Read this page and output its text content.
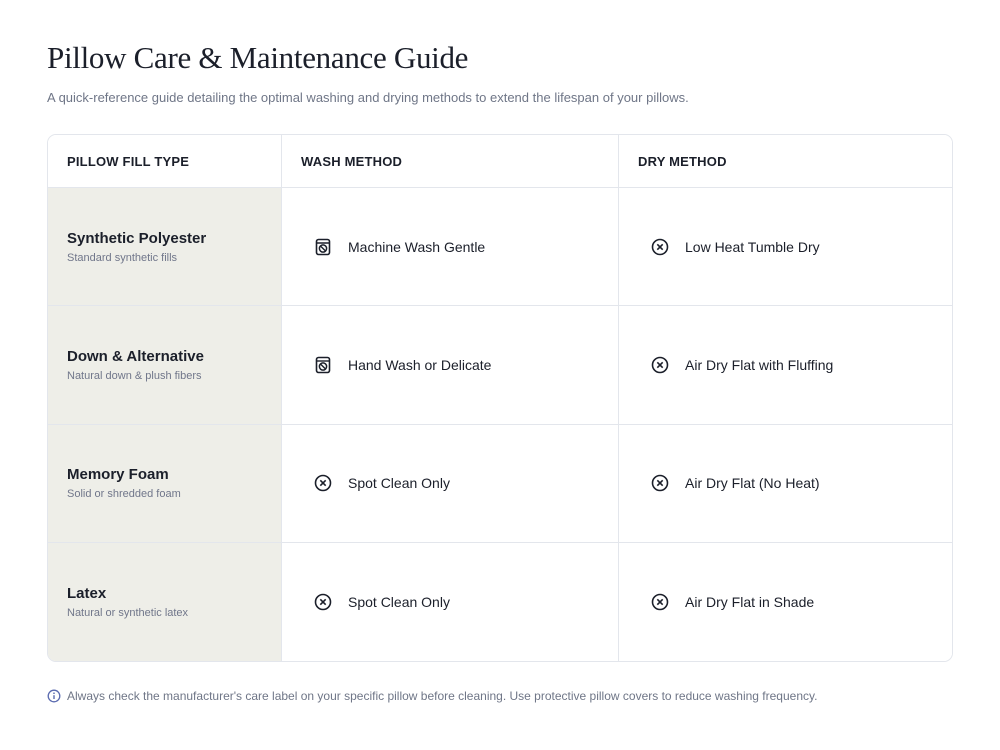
Pillow Care & Maintenance Guide

A quick-reference guide detailing the optimal washing and drying methods to extend the lifespan of your pillows.

PILLOW FILL TYPE	WASH METHOD	DRY METHOD
Synthetic Polyester
Standard synthetic fills
Machine Wash Gentle	Low Heat Tumble Dry
Down & Alternative
Natural down & plush fibers
Hand Wash or Delicate	Air Dry Flat with Fluffing
Memory Foam
Solid or shredded foam
Spot Clean Only	Air Dry Flat (No Heat)
Latex
Natural or synthetic latex
Spot Clean Only	Air Dry Flat in Shade
Always check the manufacturer's care label on your specific pillow before cleaning. Use protective pillow covers to reduce washing frequency.
